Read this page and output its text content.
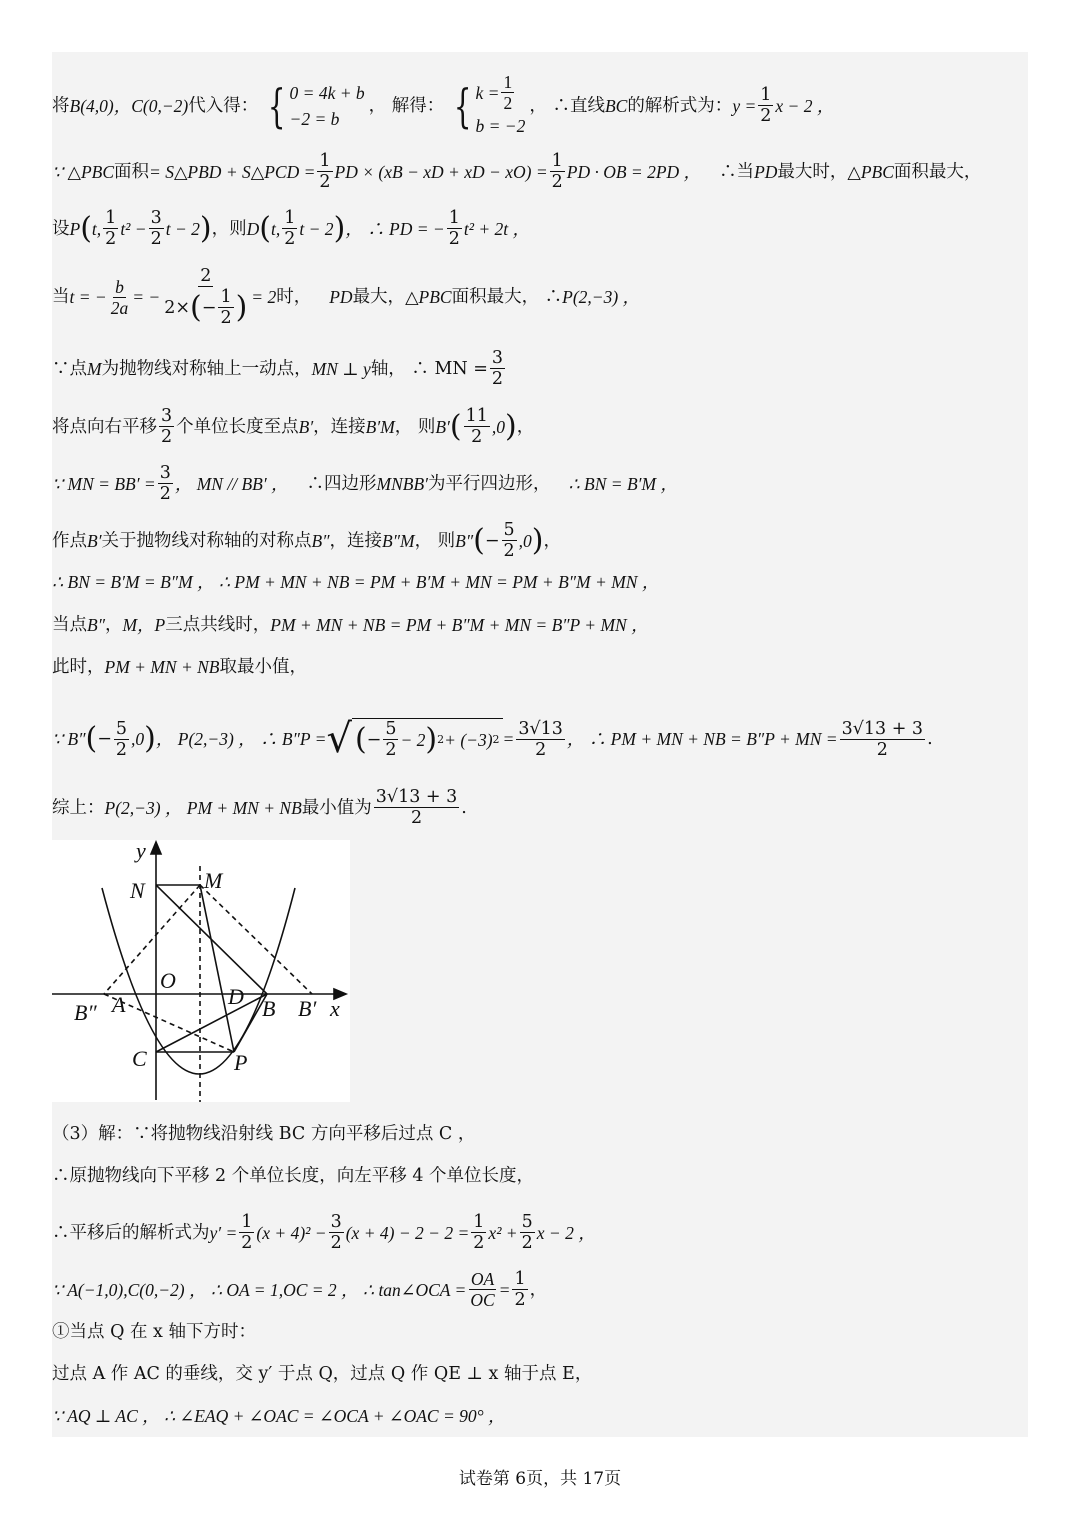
将 B(4,0)，C(0,−2) 代入得： { 0 = 4k + b
−2 = b
， 解得： { $k = \frac{1}{2}$
b = −2
， ∴直线 BC 的解析式为： $y = \frac{1}{2}$ x − 2 ，
∵ △PBC 面积 = S△PBD + S△PCD = $\frac{1}{2}$ PD × (xB − xD + xD − $xO) = \frac{1}{2}$ PD · OB = 2PD ， ∴当 PD 最大时， △PBC 面积最大，
设 P ( t, $\frac{1}{2} t^2 - \frac{3}{2}$ t − 2 ) ，则 D ( t, $\frac{1}{2}$ t − 2 ) ， ∴ PD = − $\frac{1}{2} t^2 + 2t$ ，
当 t = − $\frac{b}{2a}$ = − $\frac{2}{2\times ( - \frac{1}{2} )} = 2$ 时， PD 最大， △PBC 面积最大， ∴ P(2,−3) ，
∵点 M 为抛物线对称轴上一动点， MN ⊥ y 轴， ∴ MN = $\frac{3}{2}$
将点向右平移 $\frac{3}{2}$ 个单位长度至点 B′ ，连接 B′M ， 则 B′ ( $\frac{11}{2} ,0$ ) ，
∵ MN = $BB' = \frac{3}{2}$ ， MN // BB′ ， ∴四边形 MNBB′ 为平行四边形， ∴ BN = B′M ，
作点 B′ 关于抛物线对称轴的对称点 B″ ，连接 B″M ， 则 B″ ( − $\frac{5}{2} ,0$ ) ，
∴ BN = B′M = B″M ， ∴ PM + MN + NB = PM + B′M + MN = PM + B″M + MN ，
当点 B″ ， M，P 三点共线时， PM + MN + NB = PM + B″M + MN = B″P + MN ，
此时， PM + MN + NB 取最小值，
∵ B″ ( − $\frac{5}{2} ,0$ ) ， P(2,−3) ， ∴ B″P = √ ( − $\frac{5}{2} - 2$ ) 2 + (−3) $2 = \frac{3√13}{2}$ ， ∴ PM + MN + NB = B″P + MN = $\frac{3√13 + 3}{2}$ .
综上： P(2,−3) ， PM + MN + NB 最小值为 $\frac{3√13 + 3}{2}$ .
y
N	M
O
D B B′ x
B″ A
C	P
（3）解：∵将抛物线沿射线 BC 方向平移后过点 C ，
∴原抛物线向下平移 2 个单位长度，向左平移 4 个单位长度，
∴平移后的解析式为 $y' = \frac{1}{2} (x + 4)^2 - \frac{3}{2} (x + 4) - 2 - 2 = \frac{1}{2} x^2 + \frac{5}{2}$ x − 2 ，
∵ A(−1,0),C(0,−2) ， ∴ OA = 1,OC = 2 ， ∴ tan∠OCA = $\frac{OA}{OC} = \frac{1}{2}$ ，
①当点 Q 在 x 轴下方时：
过点 A 作 AC 的垂线，交 y′ 于点 Q，过点 Q 作 QE ⊥ x 轴于点 E，
∵ AQ ⊥ AC ， ∴ ∠EAQ + ∠OAC = ∠OCA + ∠OAC = 90° ，
试卷第 6页，共 17页
